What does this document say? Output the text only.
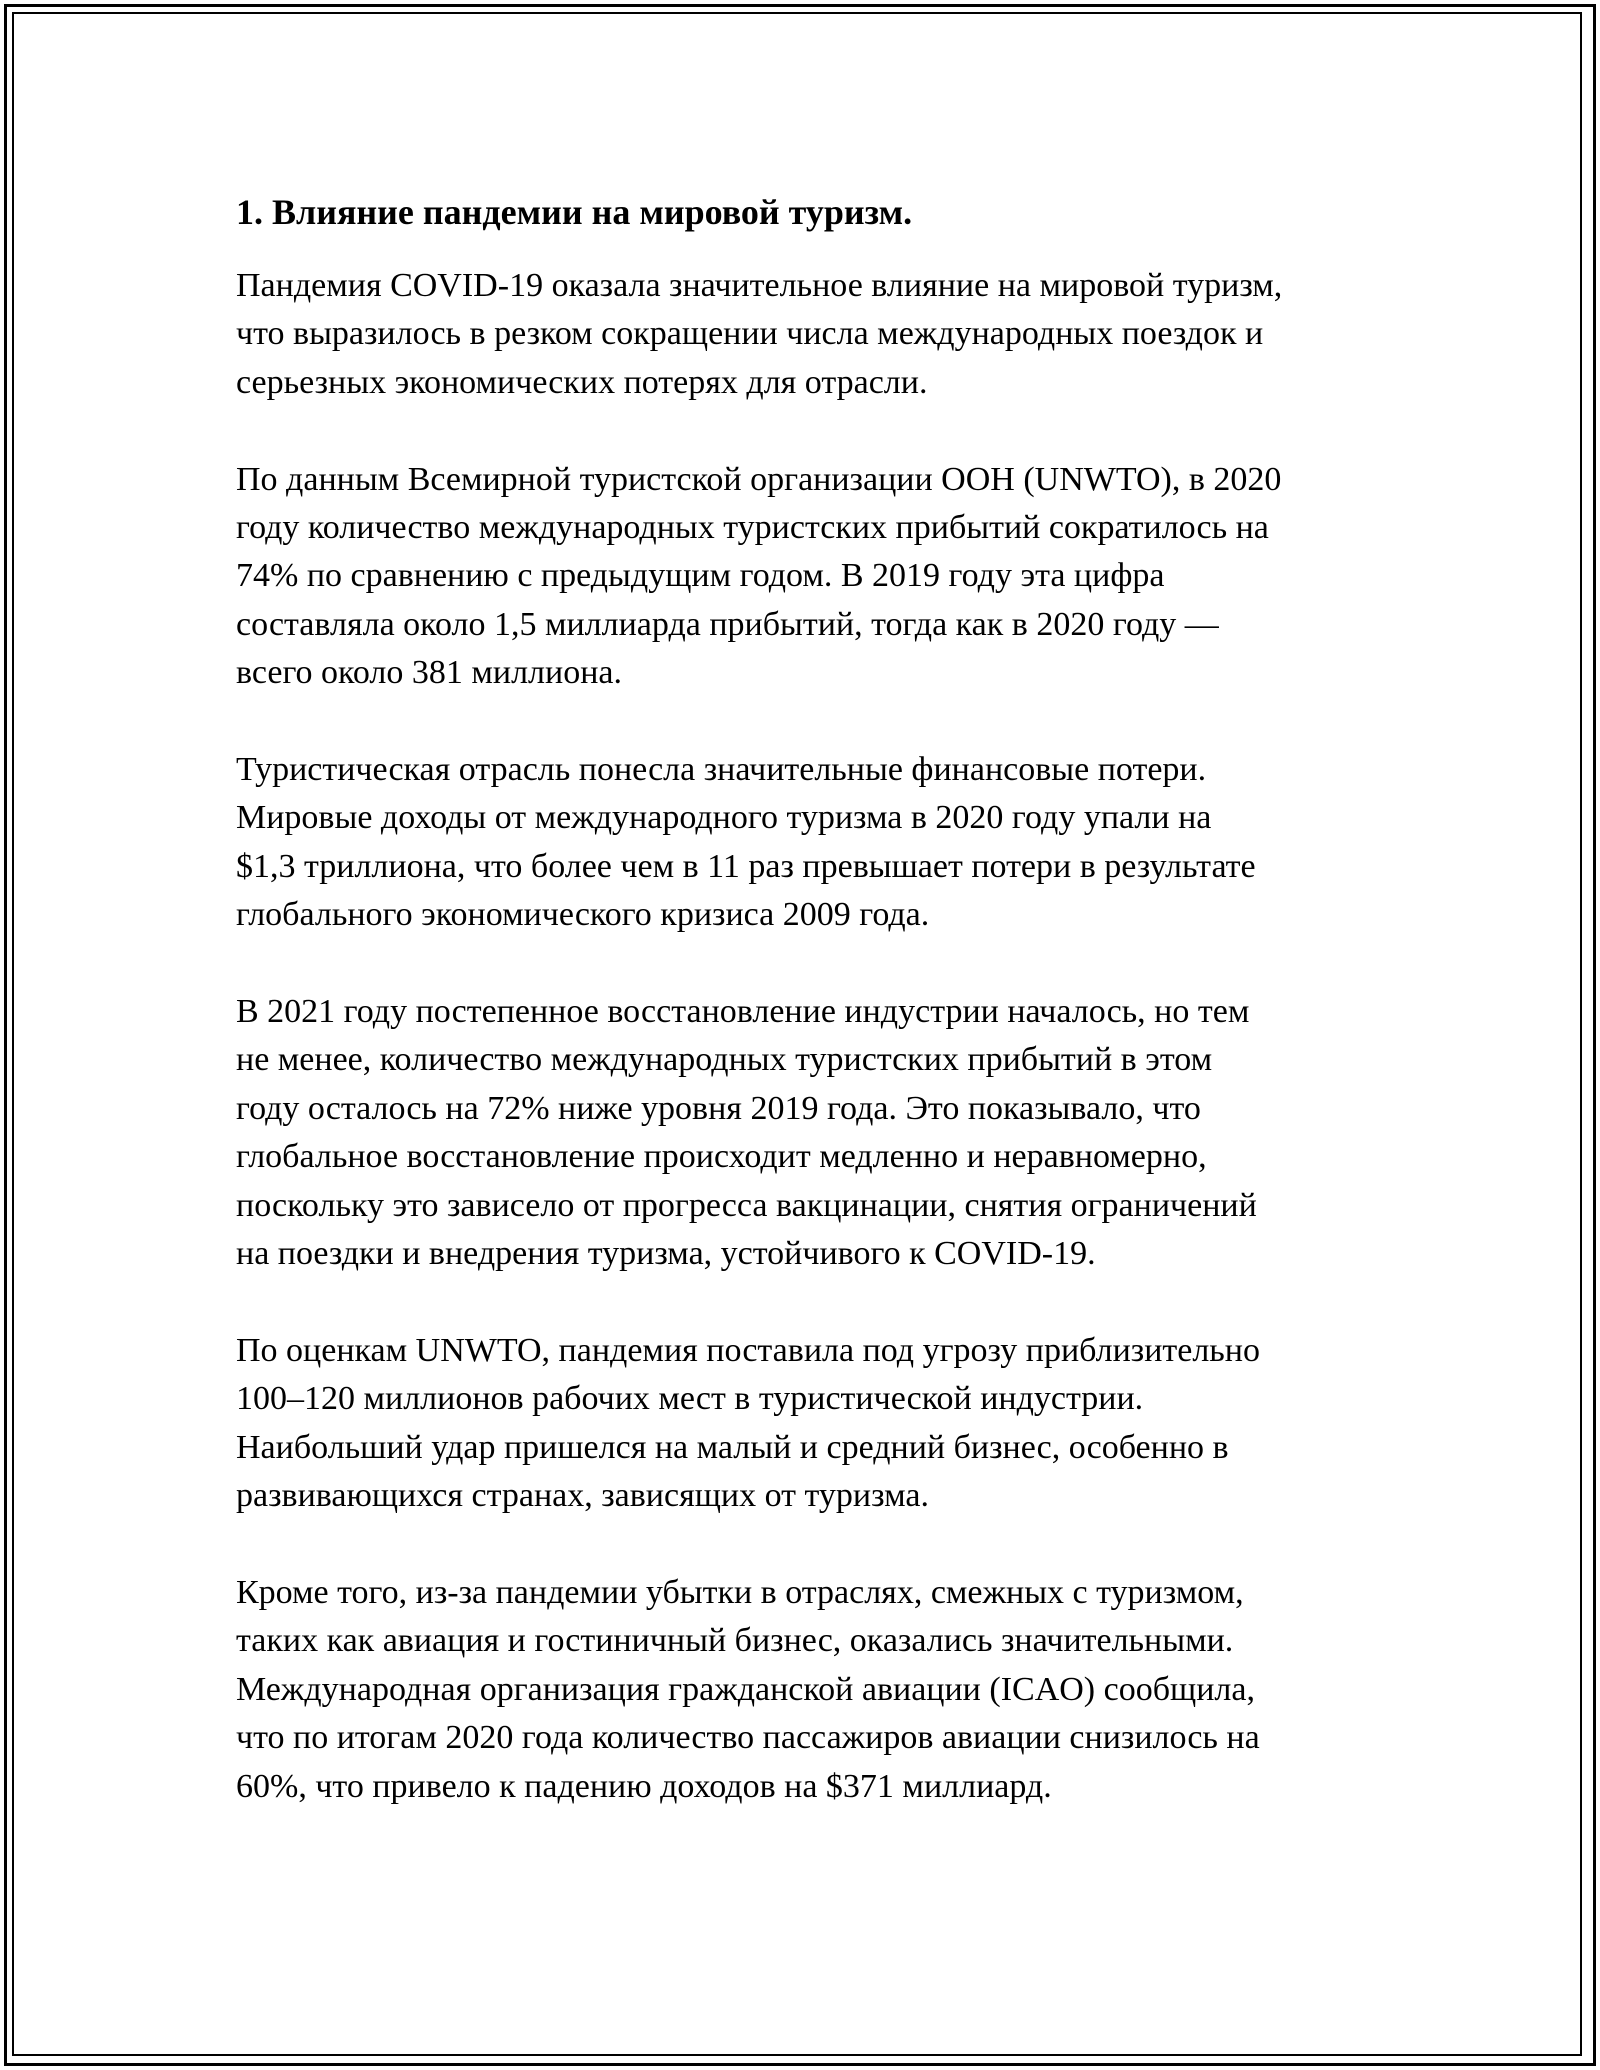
1. Влияние пандемии на мировой туризм.

Пандемия COVID-19 оказала значительное влияние на мировой туризм,
что выразилось в резком сокращении числа международных поездок и
серьезных экономических потерях для отрасли.

По данным Всемирной туристской организации ООН (UNWTO), в 2020
году количество международных туристских прибытий сократилось на
74% по сравнению с предыдущим годом. В 2019 году эта цифра
составляла около 1,5 миллиарда прибытий, тогда как в 2020 году —
всего около 381 миллиона.

Туристическая отрасль понесла значительные финансовые потери.
Мировые доходы от международного туризма в 2020 году упали на
$1,3 триллиона, что более чем в 11 раз превышает потери в результате
глобального экономического кризиса 2009 года.

В 2021 году постепенное восстановление индустрии началось, но тем
не менее, количество международных туристских прибытий в этом
году осталось на 72% ниже уровня 2019 года. Это показывало, что
глобальное восстановление происходит медленно и неравномерно,
поскольку это зависело от прогресса вакцинации, снятия ограничений
на поездки и внедрения туризма, устойчивого к COVID-19.

По оценкам UNWTO, пандемия поставила под угрозу приблизительно
100–120 миллионов рабочих мест в туристической индустрии.
Наибольший удар пришелся на малый и средний бизнес, особенно в
развивающихся странах, зависящих от туризма.

Кроме того, из-за пандемии убытки в отраслях, смежных с туризмом,
таких как авиация и гостиничный бизнес, оказались значительными.
Международная организация гражданской авиации (ICAO) сообщила,
что по итогам 2020 года количество пассажиров авиации снизилось на
60%, что привело к падению доходов на $371 миллиард.
